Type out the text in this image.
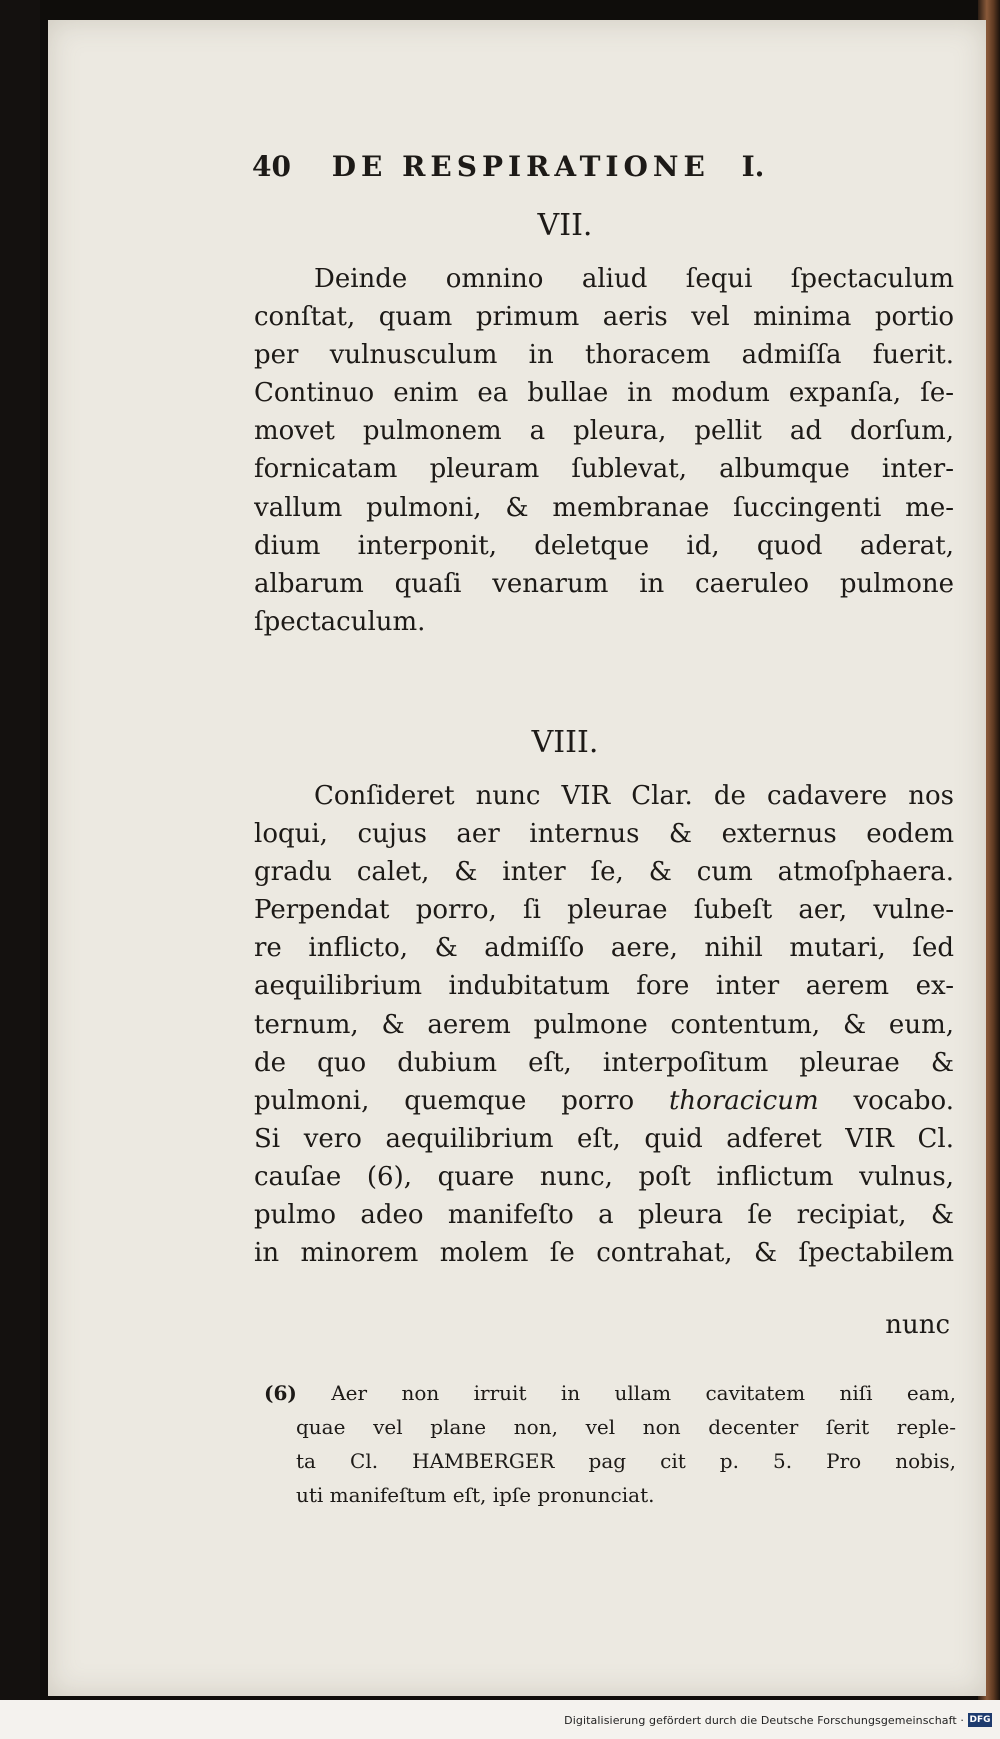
40 DE RESPIRATIONE I.
VII.
Deinde omnino aliud ſequi ſpectaculum
conſtat, quam primum aeris vel minima portio
per vulnusculum in thoracem admiſſa fuerit.
Continuo enim ea bullae in modum expanſa, ſe-
movet pulmonem a pleura, pellit ad dorſum,
fornicatam pleuram ſublevat, albumque inter-
vallum pulmoni, & membranae ſuccingenti me-
dium interponit, deletque id, quod aderat,
albarum quaſi venarum in caeruleo pulmone
ſpectaculum.
VIII.
Conſideret nunc VIR Clar. de cadavere nos
loqui, cujus aer internus & externus eodem
gradu calet, & inter ſe, & cum atmoſphaera.
Perpendat porro, ſi pleurae ſubeſt aer, vulne-
re inflicto, & admiſſo aere, nihil mutari, ſed
aequilibrium indubitatum fore inter aerem ex-
ternum, & aerem pulmone contentum, & eum,
de quo dubium eſt, interpoſitum pleurae &
pulmoni, quemque porro thoracicum vocabo.
Si vero aequilibrium eſt, quid adferet VIR Cl.
cauſae (6), quare nunc, poſt inflictum vulnus,
pulmo adeo manifeſto a pleura ſe recipiat, &
in minorem molem ſe contrahat, & ſpectabilem
nunc
(6) Aer non irruit in ullam cavitatem niſi eam,
quae vel plane non, vel non decenter ſerit reple-
ta Cl. HAMBERGER pag cit p. 5. Pro nobis,
uti manifeſtum eſt, ipſe pronunciat.
Digitalisierung gefördert durch die Deutsche Forschungsgemeinschaft · DFG
